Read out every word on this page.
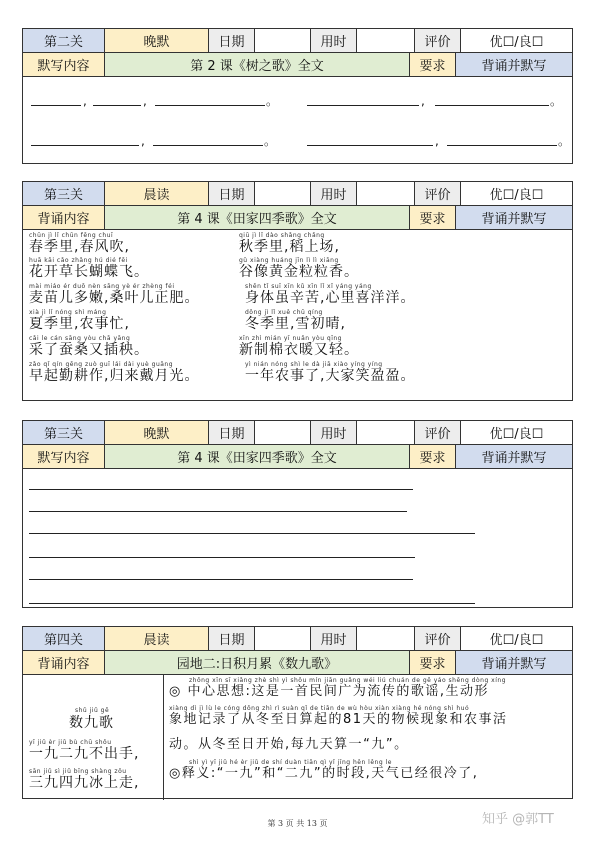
第二关	晚默	日期	用时	评价	优☐/良☐
默写内容	第 2 课《树之歌》全文	要求	背诵并默写
,	,	。	,	。
,	。	,	。
第三关	晨读	日期	用时	评价	优☐/良☐
背诵内容	第 4 课《田家四季歌》全文	要求	背诵并默写
chūn jì lǐ chūn fēng chuī
春季里,春风吹,
huā kāi cǎo zhǎng hú dié fēi
花开草长蝴蝶飞。
mài miáo ér duō nèn sāng yè ér zhèng féi
麦苗儿多嫩,桑叶儿正肥。
xià jì lǐ nóng shì máng
夏季里,农事忙,
cǎi le cán sāng yòu chā yāng
采了蚕桑又插秧。
zǎo qǐ qín gēng zuò guī lái dài yuè guāng
早起勤耕作,归来戴月光。
qiū jì lǐ dào shǎng chǎng
秋季里,稻上场,
gǔ xiàng huáng jīn lì lì xiāng
谷像黄金粒粒香。
shēn tǐ suī xīn kǔ xīn lǐ xǐ yáng yáng
身体虽辛苦,心里喜洋洋。
dōng jì lǐ xuě chū qíng
冬季里,雪初晴,
xīn zhì mián yī nuǎn yòu qīng
新制棉衣暖又轻。
yì nián nóng shì le dà jiā xiào yíng yíng
一年农事了,大家笑盈盈。
第三关	晚默	日期	用时	评价	优☐/良☐
默写内容	第 4 课《田家四季歌》全文	要求	背诵并默写
第四关	晨读	日期	用时	评价	优☐/良☐
背诵内容	园地二:日积月累《数九歌》	要求	背诵并默写
shǔ jiǔ gē
数九歌
yī jiǔ èr jiǔ bù chū shǒu
一九二九不出手,
sān jiǔ sì jiǔ bīng shàng zǒu
三九四九冰上走,
zhōng xīn sī xiǎng zhè shì yì shǒu mín jiān guǎng wéi liú chuán de gē yáo shēng dòng xíng
◎ 中心思想:这是一首民间广为流传的歌谣,生动形
xiàng dì jì lù le cóng dōng zhì rì suàn qǐ de tiān de wù hòu xiàn xiàng hé nóng shì huó
象地记录了从冬至日算起的81天的物候现象和农事活
动。从冬至日开始,每九天算一“九”。
shì yì yī jiǔ hé èr jiǔ de shí duàn tiān qì yǐ jīng hěn lěng le
◎释义:“一九”和“二九”的时段,天气已经很冷了,
第 3 页 共 13 页	知乎 @郭TT
